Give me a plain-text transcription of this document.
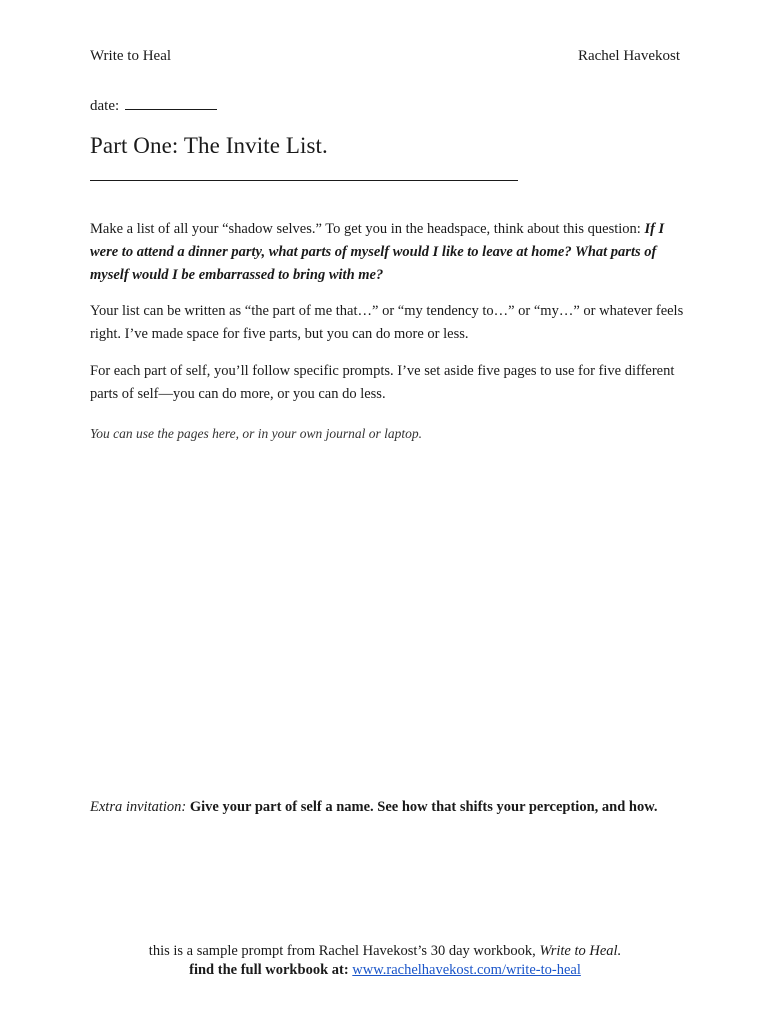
Write to Heal	Rachel Havekost
date:
Part One: The Invite List.

Make a list of all your “shadow selves.” To get you in the headspace, think about this question: If I were to attend a dinner party, what parts of myself would I like to leave at home? What parts of myself would I be embarrassed to bring with me?

Your list can be written as “the part of me that…” or “my tendency to…” or “my…” or whatever feels right. I’ve made space for five parts, but you can do more or less.

For each part of self, you’ll follow specific prompts. I’ve set aside five pages to use for five different parts of self—you can do more, or you can do less.

You can use the pages here, or in your own journal or laptop.

Extra invitation: Give your part of self a name. See how that shifts your perception, and how.
this is a sample prompt from Rachel Havekost’s 30 day workbook, Write to Heal.
find the full workbook at: www.rachelhavekost.com/write-to-heal
